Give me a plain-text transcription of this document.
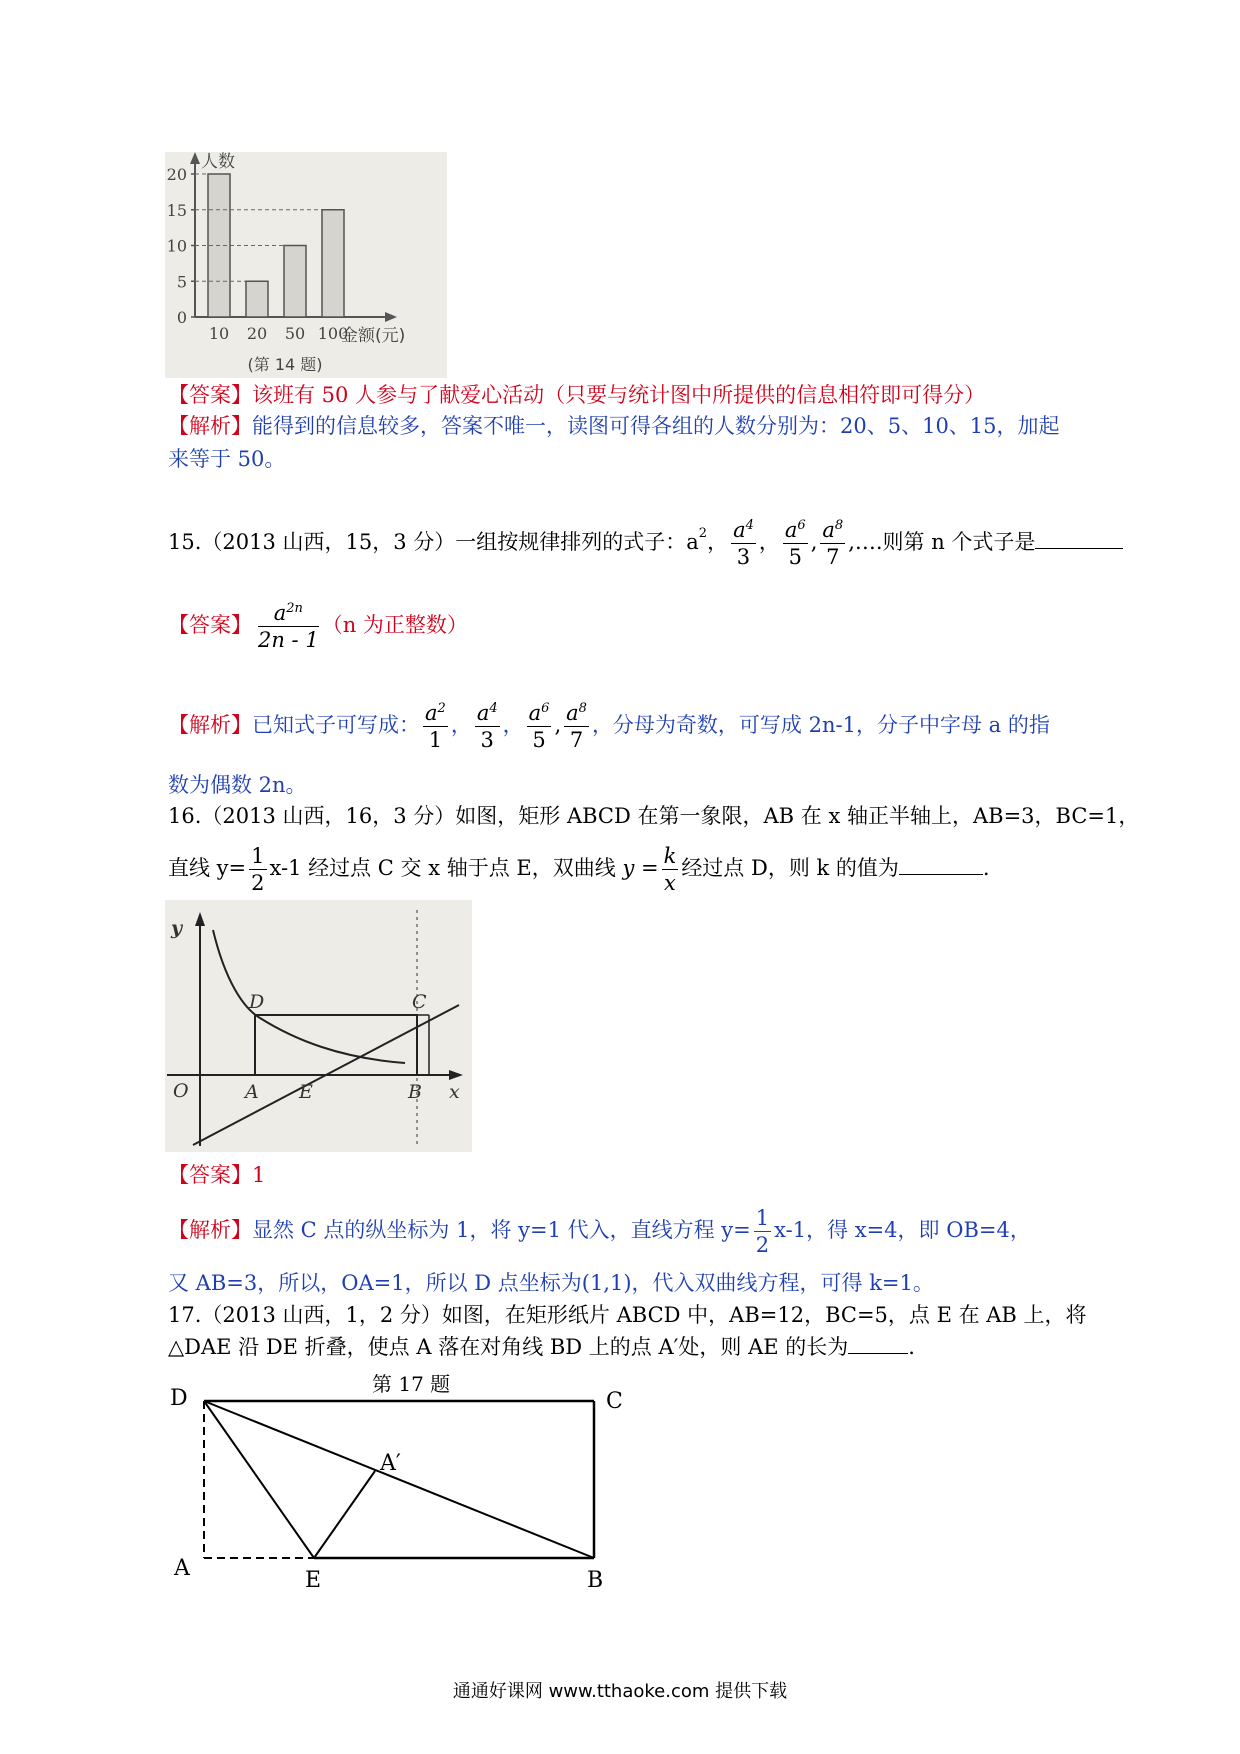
人数
0
5
10
15
20
10 20 50 100
金额(元)
(第 14 题)
【答案】该班有 50 人参与了献爱心活动（只要与统计图中所提供的信息相符即可得分）
【解析】能得到的信息较多，答案不唯一，读图可得各组的人数分别为：20、5、10、15，加起
来等于 50。
15.（2013 山西，15，3 分）一组按规律排列的式子：$a^2$， $\frac{a^4}{3}$ ， $\frac{a^6}{5}$ , $\frac{a^8}{7}$ ,….则第 n 个式子是
【答案】 $\frac{a^{2n}}{2n - 1} (n$ 为正整数）
【解析】已知式子可写成： $\frac{a^2}{1}$ ， $\frac{a^4}{3}$ ， $\frac{a^6}{5}$ , $\frac{a^8}{7}$ ，分母为奇数，可写成 2n-1，分子中字母 a 的指
数为偶数 2n。
16.（2013 山西，16，3 分）如图，矩形 ABCD 在第一象限，AB 在 x 轴正半轴上，AB=3，BC=1，
直线 $y= \frac{1}{2} x-1$ 经过点 C 交 x 轴于点 E，双曲线 $y = \frac{k}{x}$ 经过点 D，则 k 的值为	.
y
O	A E	B x
D	C
【答案】1
【解析】显然 C 点的纵坐标为 1，将 y=1 代入，直线方程 $y= \frac{1}{2} x-1$，得 x=4，即 OB=4，
又 AB=3，所以，OA=1，所以 D 点坐标为(1,1)，代入双曲线方程，可得 k=1。
17.（2013 山西，1，2 分）如图，在矩形纸片 ABCD 中，AB=12，BC=5，点 E 在 AB 上，将
△DAE 沿 DE 折叠，使点 A 落在对角线 BD 上的点 A′处，则 AE 的长为	.
第 17 题
D	C
A	E	B
A′
通通好课网 www.tthaoke.com 提供下载
